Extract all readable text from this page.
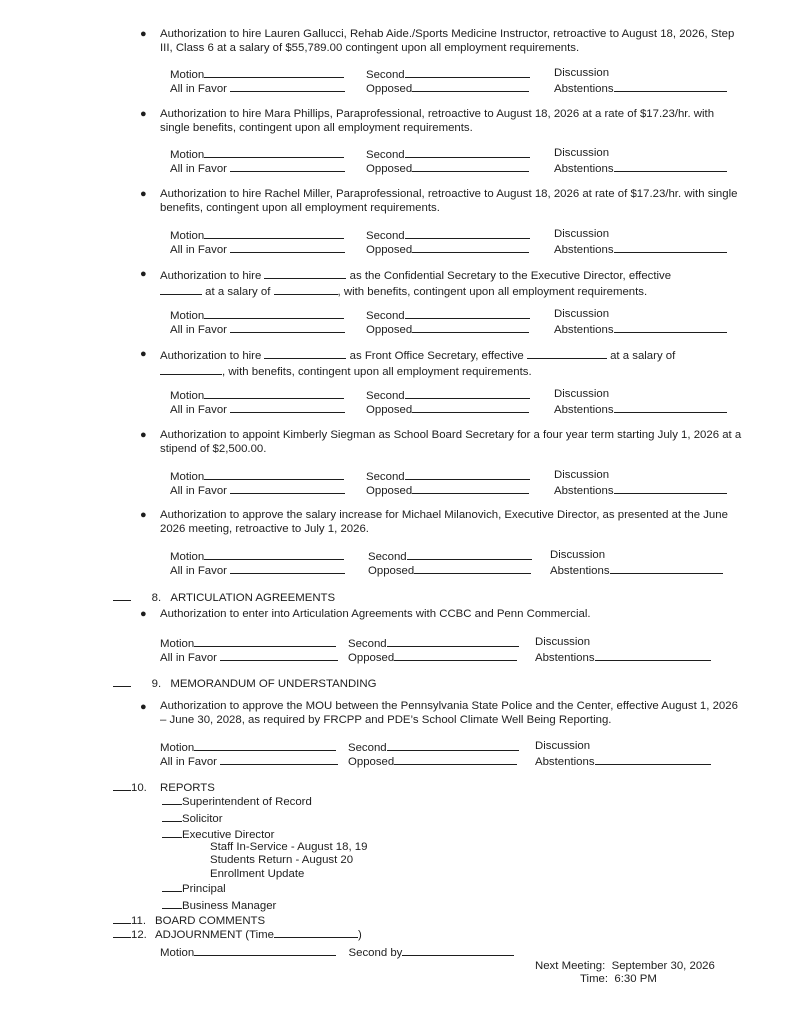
● Authorization to hire Lauren Gallucci, Rehab Aide./Sports Medicine Instructor, retroactive to August 18, 2026, Step III, Class 6 at a salary of $55,789.00 contingent upon all employment requirements.
Motion	Second	Discussion
All in Favor	Opposed	Abstentions
● Authorization to hire Mara Phillips, Paraprofessional, retroactive to August 18, 2026 at a rate of $17.23/hr. with single benefits, contingent upon all employment requirements.
Motion	Second	Discussion
All in Favor	Opposed	Abstentions
● Authorization to hire Rachel Miller, Paraprofessional, retroactive to August 18, 2026 at rate of $17.23/hr. with single benefits, contingent upon all employment requirements.
Motion	Second	Discussion
All in Favor	Opposed	Abstentions
● Authorization to hire	as the Confidential Secretary to the Executive Director, effective
at a salary of	, with benefits, contingent upon all employment requirements.
Motion	Second	Discussion
All in Favor	Opposed	Abstentions
● Authorization to hire	as Front Office Secretary, effective	at a salary of
, with benefits, contingent upon all employment requirements.
Motion	Second	Discussion
All in Favor	Opposed	Abstentions
● Authorization to appoint Kimberly Siegman as School Board Secretary for a four year term starting July 1, 2026 at a stipend of $2,500.00.
Motion	Second	Discussion
All in Favor	Opposed	Abstentions
● Authorization to approve the salary increase for Michael Milanovich, Executive Director, as presented at the June 2026 meeting, retroactive to July 1, 2026.
Motion	Second	Discussion
All in Favor	Opposed	Abstentions
8. ARTICULATION AGREEMENTS
● Authorization to enter into Articulation Agreements with CCBC and Penn Commercial.
Motion	Second	Discussion
All in Favor	Opposed	Abstentions
9. MEMORANDUM OF UNDERSTANDING
● Authorization to approve the MOU between the Pennsylvania State Police and the Center, effective August 1, 2026 – June 30, 2028, as required by FRCPP and PDE’s School Climate Well Being Reporting.
Motion	Second	Discussion
All in Favor	Opposed	Abstentions
10. REPORTS
Superintendent of Record
Solicitor
Executive Director
Staff In-Service - August 18, 19
Students Return - August 20
Enrollment Update
Principal
Business Manager
11. BOARD COMMENTS
12. ADJOURNMENT (Time	)
Motion	Second by
Next Meeting: September 30, 2026
Time: 6:30 PM
